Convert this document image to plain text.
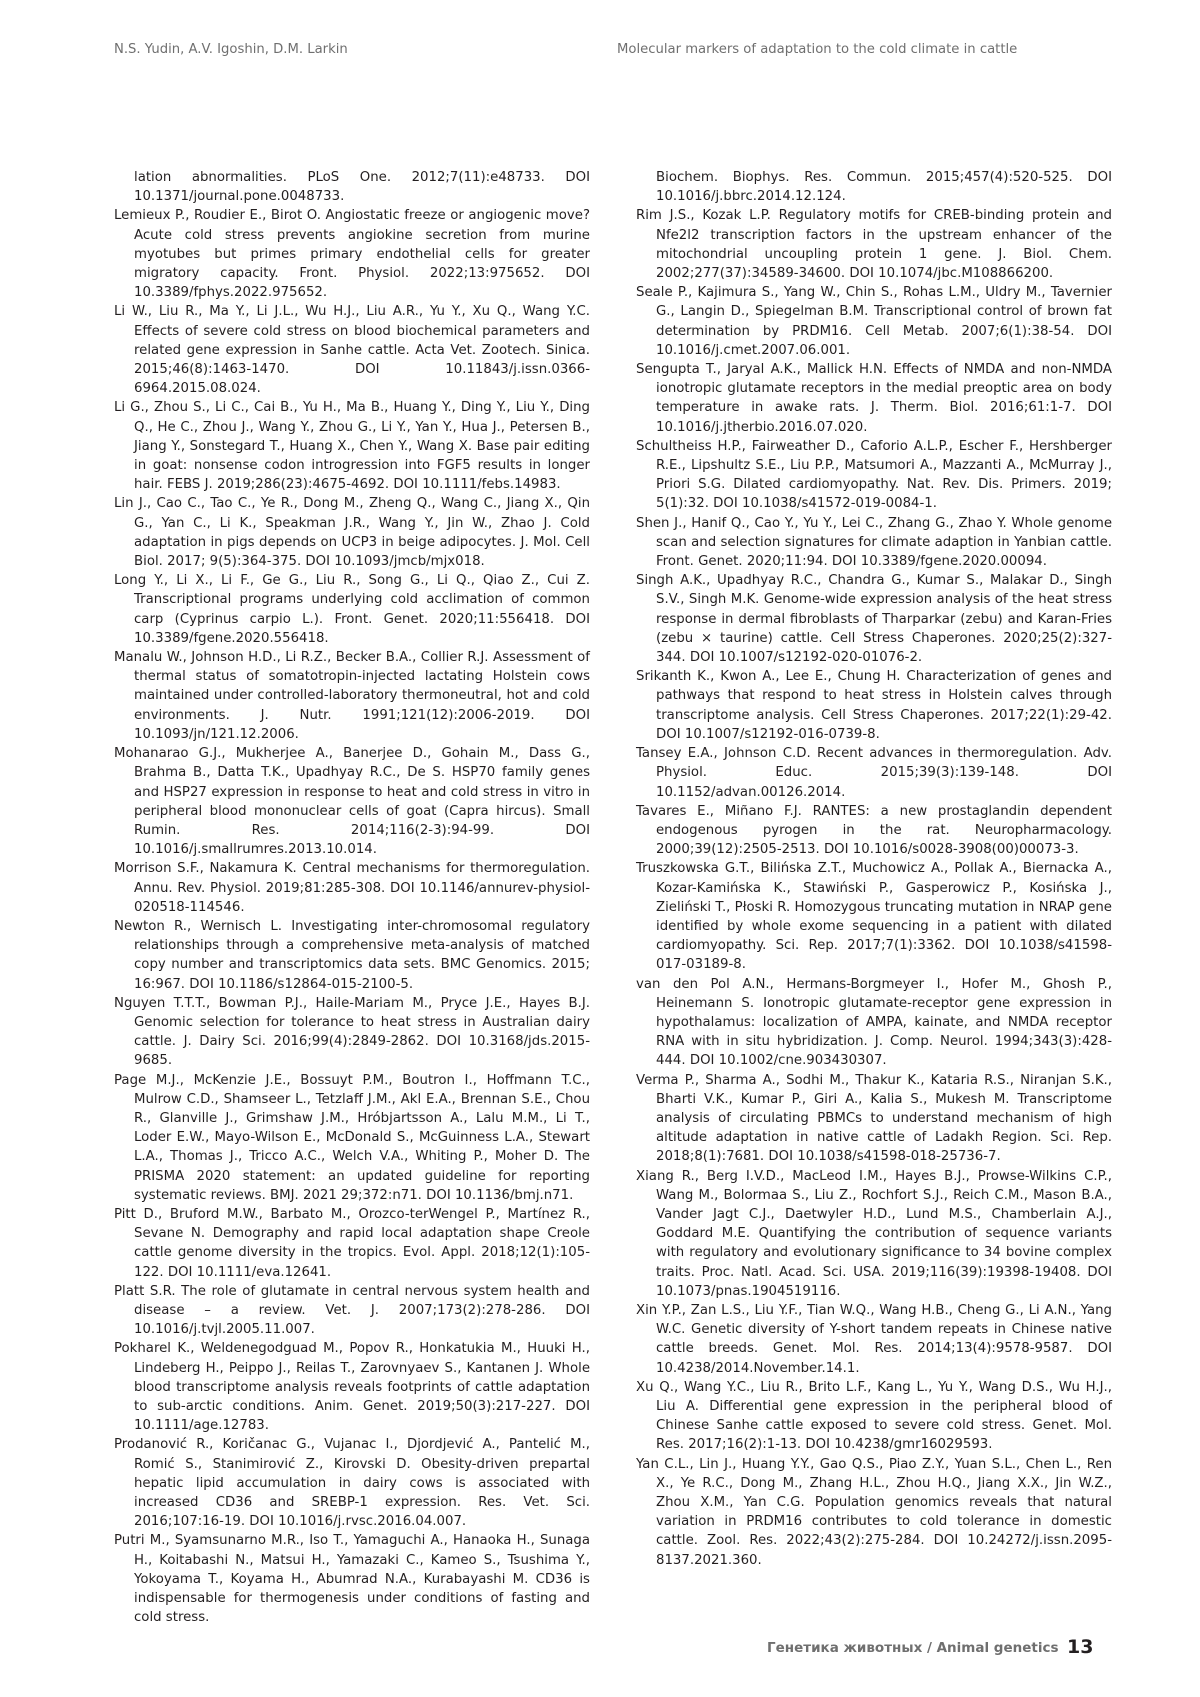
N.S. Yudin, A.V. Igoshin, D.M. Larkin	Molecular markers of adaptation to the cold climate in cattle

lation abnormalities. PLoS One. 2012;7(11):e48733. DOI 10.1371/journal.pone.0048733.

Lemieux P., Roudier E., Birot O. Angiostatic freeze or angiogenic move? Acute cold stress prevents angiokine secretion from murine myotubes but primes primary endothelial cells for greater migratory capacity. Front. Physiol. 2022;13:975652. DOI 10.3389/fphys.2022.975652.

Li W., Liu R., Ma Y., Li J.L., Wu H.J., Liu A.R., Yu Y., Xu Q., Wang Y.C. Effects of severe cold stress on blood biochemical parameters and related gene expression in Sanhe cattle. Acta Vet. Zootech. Sinica. 2015;46(8):1463-1470. DOI 10.11843/j.issn.0366-6964.2015.08.024.

Li G., Zhou S., Li C., Cai B., Yu H., Ma B., Huang Y., Ding Y., Liu Y., Ding Q., He C., Zhou J., Wang Y., Zhou G., Li Y., Yan Y., Hua J., Petersen B., Jiang Y., Sonstegard T., Huang X., Chen Y., Wang X. Base pair editing in goat: nonsense codon introgression into FGF5 results in longer hair. FEBS J. 2019;286(23):4675-4692. DOI 10.1111/febs.14983.

Lin J., Cao C., Tao C., Ye R., Dong M., Zheng Q., Wang C., Jiang X., Qin G., Yan C., Li K., Speakman J.R., Wang Y., Jin W., Zhao J. Cold adaptation in pigs depends on UCP3 in beige adipocytes. J. Mol. Cell Biol. 2017; 9(5):364-375. DOI 10.1093/jmcb/mjx018.

Long Y., Li X., Li F., Ge G., Liu R., Song G., Li Q., Qiao Z., Cui Z. Transcriptional programs underlying cold acclimation of common carp (Cyprinus carpio L.). Front. Genet. 2020;11:556418. DOI 10.3389/fgene.2020.556418.

Manalu W., Johnson H.D., Li R.Z., Becker B.A., Collier R.J. Assessment of thermal status of somatotropin-injected lactating Holstein cows maintained under controlled-laboratory thermoneutral, hot and cold environments. J. Nutr. 1991;121(12):2006-2019. DOI 10.1093/jn/121.12.2006.

Mohanarao G.J., Mukherjee A., Banerjee D., Gohain M., Dass G., Brahma B., Datta T.K., Upadhyay R.C., De S. HSP70 family genes and HSP27 expression in response to heat and cold stress in vitro in peripheral blood mononuclear cells of goat (Capra hircus). Small Rumin. Res. 2014;116(2-3):94-99. DOI 10.1016/j.smallrumres.2013.10.014.

Morrison S.F., Nakamura K. Central mechanisms for thermoregulation. Annu. Rev. Physiol. 2019;81:285-308. DOI 10.1146/annurev-physiol-020518-114546.

Newton R., Wernisch L. Investigating inter-chromosomal regulatory relationships through a comprehensive meta-analysis of matched copy number and transcriptomics data sets. BMC Genomics. 2015; 16:967. DOI 10.1186/s12864-015-2100-5.

Nguyen T.T.T., Bowman P.J., Haile-Mariam M., Pryce J.E., Hayes B.J. Genomic selection for tolerance to heat stress in Australian dairy cattle. J. Dairy Sci. 2016;99(4):2849-2862. DOI 10.3168/jds.2015-9685.

Page M.J., McKenzie J.E., Bossuyt P.M., Boutron I., Hoffmann T.C., Mulrow C.D., Shamseer L., Tetzlaff J.M., Akl E.A., Brennan S.E., Chou R., Glanville J., Grimshaw J.M., Hróbjartsson A., Lalu M.M., Li T., Loder E.W., Mayo-Wilson E., McDonald S., McGuinness L.A., Stewart L.A., Thomas J., Tricco A.C., Welch V.A., Whiting P., Moher D. The PRISMA 2020 statement: an updated guideline for reporting systematic reviews. BMJ. 2021 29;372:n71. DOI 10.1136/bmj.n71.

Pitt D., Bruford M.W., Barbato M., Orozco-terWengel P., Martínez R., Sevane N. Demography and rapid local adaptation shape Creole cattle genome diversity in the tropics. Evol. Appl. 2018;12(1):105-122. DOI 10.1111/eva.12641.

Platt S.R. The role of glutamate in central nervous system health and disease – a review. Vet. J. 2007;173(2):278-286. DOI 10.1016/j.tvjl.2005.11.007.

Pokharel K., Weldenegodguad M., Popov R., Honkatukia M., Huuki H., Lindeberg H., Peippo J., Reilas T., Zarovnyaev S., Kantanen J. Whole blood transcriptome analysis reveals footprints of cattle adaptation to sub-arctic conditions. Anim. Genet. 2019;50(3):217-227. DOI 10.1111/age.12783.

Prodanović R., Koričanac G., Vujanac I., Djordjević A., Pantelić M., Romić S., Stanimirović Z., Kirovski D. Obesity-driven prepartal hepatic lipid accumulation in dairy cows is associated with increased CD36 and SREBP-1 expression. Res. Vet. Sci. 2016;107:16-19. DOI 10.1016/j.rvsc.2016.04.007.

Putri M., Syamsunarno M.R., Iso T., Yamaguchi A., Hanaoka H., Sunaga H., Koitabashi N., Matsui H., Yamazaki C., Kameo S., Tsushima Y., Yokoyama T., Koyama H., Abumrad N.A., Kurabayashi M. CD36 is indispensable for thermogenesis under conditions of fasting and cold stress.

Biochem. Biophys. Res. Commun. 2015;457(4):520-525. DOI 10.1016/j.bbrc.2014.12.124.

Rim J.S., Kozak L.P. Regulatory motifs for CREB-binding protein and Nfe2l2 transcription factors in the upstream enhancer of the mitochondrial uncoupling protein 1 gene. J. Biol. Chem. 2002;277(37):34589-34600. DOI 10.1074/jbc.M108866200.

Seale P., Kajimura S., Yang W., Chin S., Rohas L.M., Uldry M., Tavernier G., Langin D., Spiegelman B.M. Transcriptional control of brown fat determination by PRDM16. Cell Metab. 2007;6(1):38-54. DOI 10.1016/j.cmet.2007.06.001.

Sengupta T., Jaryal A.K., Mallick H.N. Effects of NMDA and non-NMDA ionotropic glutamate receptors in the medial preoptic area on body temperature in awake rats. J. Therm. Biol. 2016;61:1-7. DOI 10.1016/j.jtherbio.2016.07.020.

Schultheiss H.P., Fairweather D., Caforio A.L.P., Escher F., Hershberger R.E., Lipshultz S.E., Liu P.P., Matsumori A., Mazzanti A., McMurray J., Priori S.G. Dilated cardiomyopathy. Nat. Rev. Dis. Primers. 2019; 5(1):32. DOI 10.1038/s41572-019-0084-1.

Shen J., Hanif Q., Cao Y., Yu Y., Lei C., Zhang G., Zhao Y. Whole genome scan and selection signatures for climate adaption in Yanbian cattle. Front. Genet. 2020;11:94. DOI 10.3389/fgene.2020.00094.

Singh A.K., Upadhyay R.C., Chandra G., Kumar S., Malakar D., Singh S.V., Singh M.K. Genome-wide expression analysis of the heat stress response in dermal fibroblasts of Tharparkar (zebu) and Karan-Fries (zebu × taurine) cattle. Cell Stress Chaperones. 2020;25(2):327-344. DOI 10.1007/s12192-020-01076-2.

Srikanth K., Kwon A., Lee E., Chung H. Characterization of genes and pathways that respond to heat stress in Holstein calves through transcriptome analysis. Cell Stress Chaperones. 2017;22(1):29-42. DOI 10.1007/s12192-016-0739-8.

Tansey E.A., Johnson C.D. Recent advances in thermoregulation. Adv. Physiol. Educ. 2015;39(3):139-148. DOI 10.1152/advan.00126.2014.

Tavares E., Miñano F.J. RANTES: a new prostaglandin dependent endogenous pyrogen in the rat. Neuropharmacology. 2000;39(12):2505-2513. DOI 10.1016/s0028-3908(00)00073-3.

Truszkowska G.T., Bilińska Z.T., Muchowicz A., Pollak A., Biernacka A., Kozar-Kamińska K., Stawiński P., Gasperowicz P., Kosińska J., Zieliński T., Płoski R. Homozygous truncating mutation in NRAP gene identified by whole exome sequencing in a patient with dilated cardiomyopathy. Sci. Rep. 2017;7(1):3362. DOI 10.1038/s41598-017-03189-8.

van den Pol A.N., Hermans-Borgmeyer I., Hofer M., Ghosh P., Heinemann S. Ionotropic glutamate-receptor gene expression in hypothalamus: localization of AMPA, kainate, and NMDA receptor RNA with in situ hybridization. J. Comp. Neurol. 1994;343(3):428-444. DOI 10.1002/cne.903430307.

Verma P., Sharma A., Sodhi M., Thakur K., Kataria R.S., Niranjan S.K., Bharti V.K., Kumar P., Giri A., Kalia S., Mukesh M. Transcriptome analysis of circulating PBMCs to understand mechanism of high altitude adaptation in native cattle of Ladakh Region. Sci. Rep. 2018;8(1):7681. DOI 10.1038/s41598-018-25736-7.

Xiang R., Berg I.V.D., MacLeod I.M., Hayes B.J., Prowse-Wilkins C.P., Wang M., Bolormaa S., Liu Z., Rochfort S.J., Reich C.M., Mason B.A., Vander Jagt C.J., Daetwyler H.D., Lund M.S., Chamberlain A.J., Goddard M.E. Quantifying the contribution of sequence variants with regulatory and evolutionary significance to 34 bovine complex traits. Proc. Natl. Acad. Sci. USA. 2019;116(39):19398-19408. DOI 10.1073/pnas.1904519116.

Xin Y.P., Zan L.S., Liu Y.F., Tian W.Q., Wang H.B., Cheng G., Li A.N., Yang W.C. Genetic diversity of Y-short tandem repeats in Chinese native cattle breeds. Genet. Mol. Res. 2014;13(4):9578-9587. DOI 10.4238/2014.November.14.1.

Xu Q., Wang Y.C., Liu R., Brito L.F., Kang L., Yu Y., Wang D.S., Wu H.J., Liu A. Differential gene expression in the peripheral blood of Chinese Sanhe cattle exposed to severe cold stress. Genet. Mol. Res. 2017;16(2):1-13. DOI 10.4238/gmr16029593.

Yan C.L., Lin J., Huang Y.Y., Gao Q.S., Piao Z.Y., Yuan S.L., Chen L., Ren X., Ye R.C., Dong M., Zhang H.L., Zhou H.Q., Jiang X.X., Jin W.Z., Zhou X.M., Yan C.G. Population genomics reveals that natural variation in PRDM16 contributes to cold tolerance in domestic cattle. Zool. Res. 2022;43(2):275-284. DOI 10.24272/j.issn.2095-8137.2021.360.

Генетика животных / Animal genetics 13
